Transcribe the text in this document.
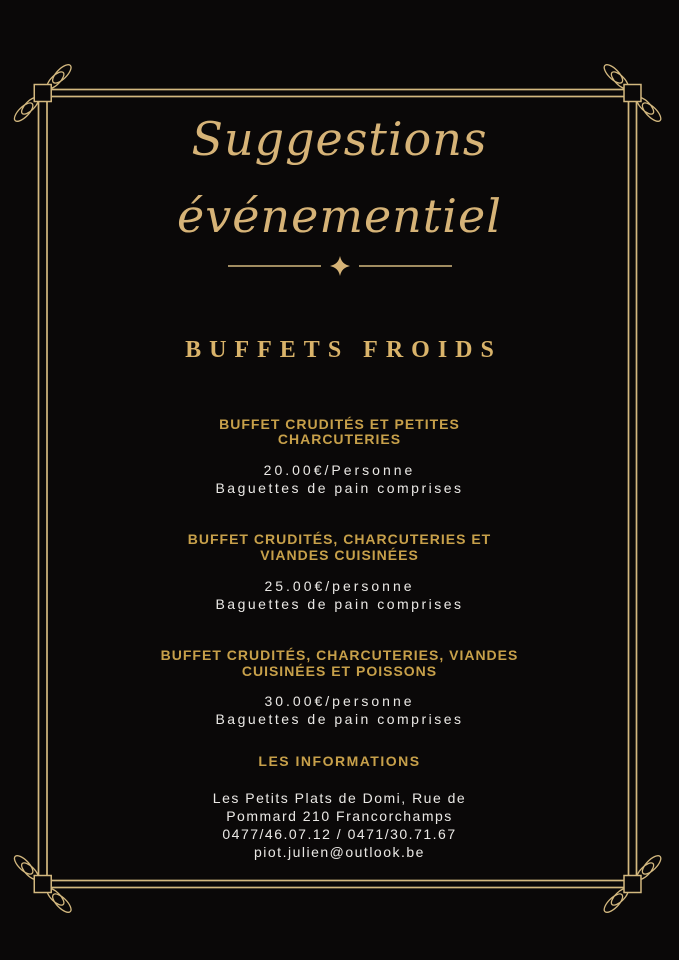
Suggestions
événementiel
BUFFETS FROIDS
BUFFET CRUDITÉS ET PETITES
CHARCUTERIES
20.00€/Personne
Baguettes de pain comprises
BUFFET CRUDITÉS, CHARCUTERIES ET
VIANDES CUISINÉES
25.00€/personne
Baguettes de pain comprises
BUFFET CRUDITÉS, CHARCUTERIES, VIANDES
CUISINÉES ET POISSONS
30.00€/personne
Baguettes de pain comprises
LES INFORMATIONS
Les Petits Plats de Domi, Rue de
Pommard 210 Francorchamps
0477/46.07.12 / 0471/30.71.67
piot.julien@outlook.be
